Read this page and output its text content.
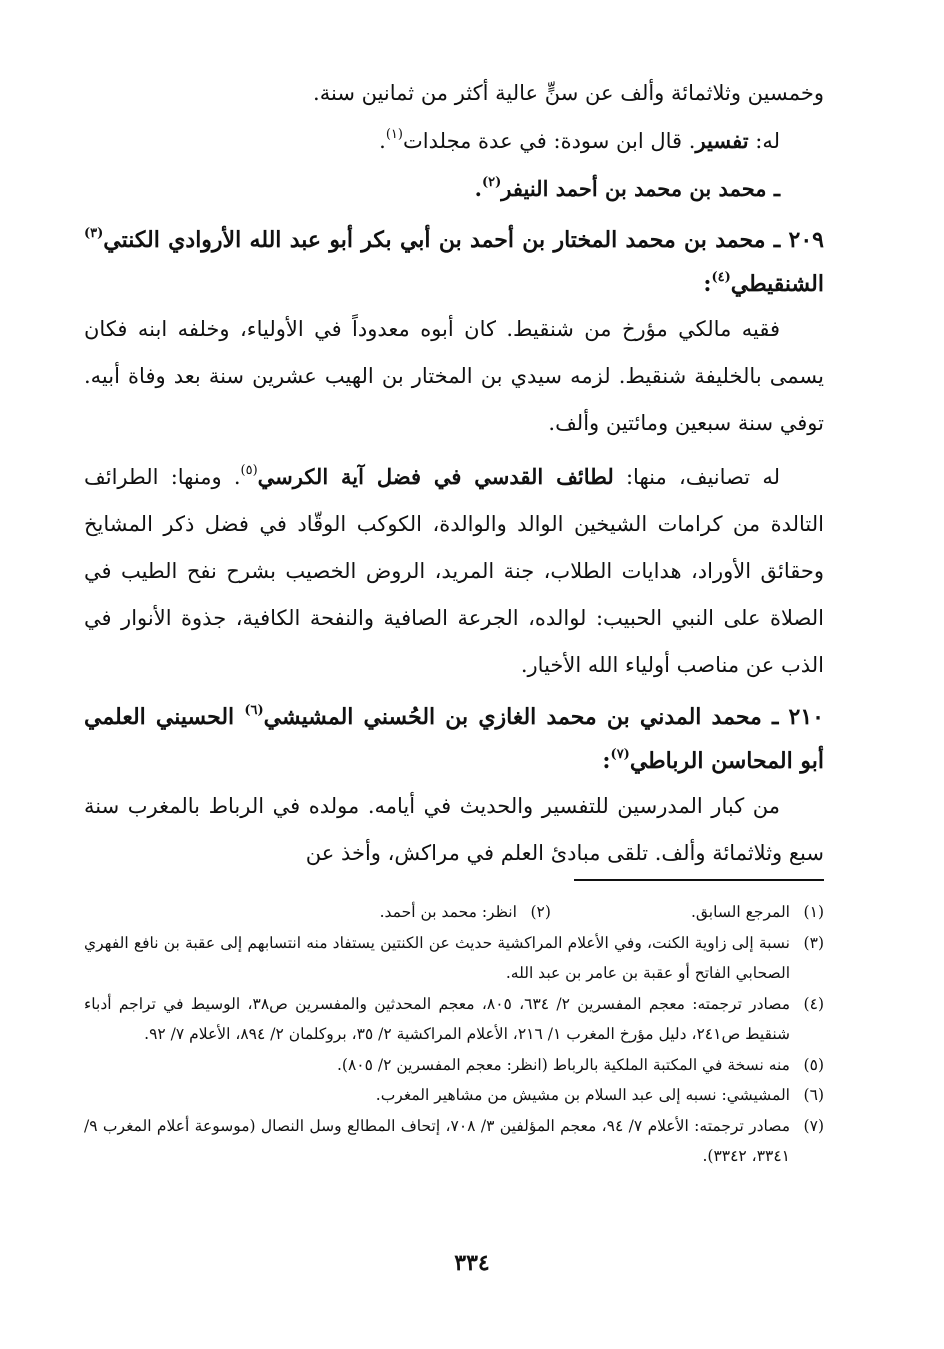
وخمسين وثلاثمائة وألف عن سنٍّ عالية أكثر من ثمانين سنة.

له: تفسير. قال ابن سودة: في عدة مجلدات$^{(١)}$.

ـ محمد بن محمد بن أحمد النيفر$^{(٢)}$.

٢٠٩ ـ محمد بن محمد المختار بن أحمد بن أبي بكر أبو عبد الله الأروادي الكنتي$^{(٣)}$ الشنقيطي$^{(٤)}$:

فقيه مالكي مؤرخ من شنقيط. كان أبوه معدوداً في الأولياء، وخلفه ابنه فكان يسمى بالخليفة شنقيط. لزمه سيدي بن المختار بن الهيب عشرين سنة بعد وفاة أبيه. توفي سنة سبعين ومائتين وألف.

له تصانيف، منها: لطائف القدسي في فضل آية الكرسي$^{(٥)}$. ومنها: الطرائف التالدة من كرامات الشيخين الوالد والوالدة، الكوكب الوقّاد في فضل ذكر المشايخ وحقائق الأوراد، هدايات الطلاب، جنة المريد، الروض الخصيب بشرح نفح الطيب في الصلاة على النبي الحبيب: لوالده، الجرعة الصافية والنفحة الكافية، جذوة الأنوار في الذب عن مناصب أولياء الله الأخيار.

٢١٠ ـ محمد المدني بن محمد الغازي بن الحُسني المشيشي$^{(٦)}$ الحسيني العلمي أبو المحاسن الرباطي$^{(٧)}$:

من كبار المدرسين للتفسير والحديث في أيامه. مولده في الرباط بالمغرب سنة سبع وثلاثمائة وألف. تلقى مبادئ العلم في مراكش، وأخذ عن

(١)
المرجع السابق.
(٢)
انظر: محمد بن أحمد.
(٣)
نسبة إلى زاوية الكنت، وفي الأعلام المراكشية حديث عن الكنتين يستفاد منه انتسابهم إلى عقبة بن نافع الفهري الصحابي الفاتح أو عقبة بن عامر بن عبد الله.
(٤)
مصادر ترجمته: معجم المفسرين ٢/ ٦٣٤، ٨٠٥، معجم المحدثين والمفسرين ص٣٨، الوسيط في تراجم أدباء شنقيط ص٢٤١، دليل مؤرخ المغرب ١/ ٢١٦، الأعلام المراكشية ٢/ ٣٥، بروكلمان ٢/ ٨٩٤، الأعلام ٧/ ٩٢.
(٥)
منه نسخة في المكتبة الملكية بالرباط (انظر: معجم المفسرين ٢/ ٨٠٥).
(٦)
المشيشي: نسبه إلى عبد السلام بن مشيش من مشاهير المغرب.
(٧)
مصادر ترجمته: الأعلام ٧/ ٩٤، معجم المؤلفين ٣/ ٧٠٨، إتحاف المطالع وسل النصال (موسوعة أعلام المغرب ٩/ ٣٣٤١، ٣٣٤٢).
٣٣٤
